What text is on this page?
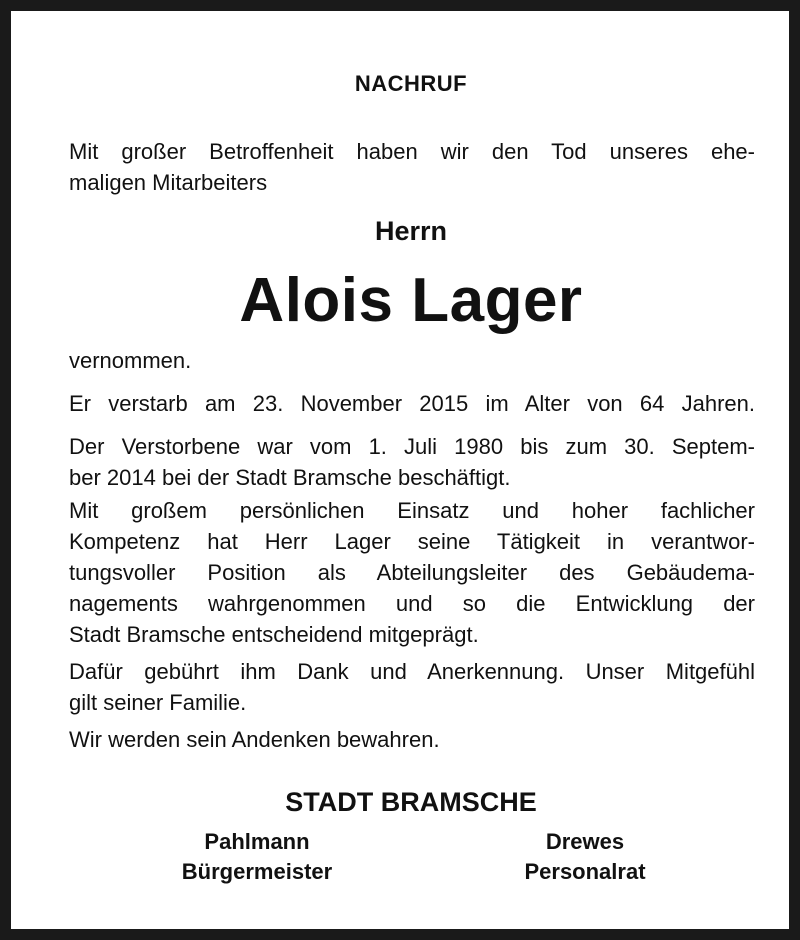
NACHRUF
Mit großer Betroffenheit haben wir den Tod unseres ehe-
maligen Mitarbeiters
Herrn
Alois Lager
vernommen.
Er verstarb am 23. November 2015 im Alter von 64 Jahren.
Der Verstorbene war vom 1. Juli 1980 bis zum 30. Septem-
ber 2014 bei der Stadt Bramsche beschäftigt.
Mit großem persönlichen Einsatz und hoher fachlicher
Kompetenz hat Herr Lager seine Tätigkeit in verantwor-
tungsvoller Position als Abteilungsleiter des Gebäudema-
nagements wahrgenommen und so die Entwicklung der
Stadt Bramsche entscheidend mitgeprägt.
Dafür gebührt ihm Dank und Anerkennung. Unser Mitgefühl
gilt seiner Familie.
Wir werden sein Andenken bewahren.
STADT BRAMSCHE
Pahlmann
Bürgermeister
Drewes
Personalrat
